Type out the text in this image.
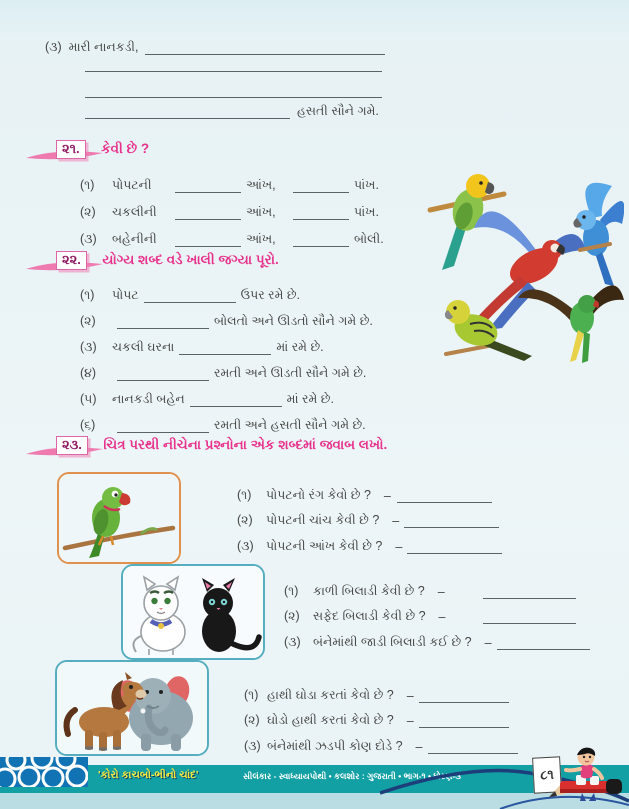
(૩) મારી નાનકડી,
હસતી સૌને ગમે.
૨૧. કેવી છે ?
(૧)	પોપટની	આંખ,	પાંખ.
(૨)	ચકલીની	આંખ,	પાંખ.
(૩)	બહેનીની	આંખ,	બોલી.
૨૨. યોગ્ય શબ્દ વડે ખાલી જગ્યા પૂરો.
(૧)	પોપટ	ઉપર રમે છે.
(૨)	બોલતો અને ઊડતો સૌને ગમે છે.
(૩)	ચકલી ઘરના	માં રમે છે.
(૪)	રમતી અને ઊડતી સૌને ગમે છે.
(૫)	નાનકડી બહેન	માં રમે છે.
(૬)	રમતી અને હસતી સૌને ગમે છે.
૨૩. ચિત્ર પરથી નીચેના પ્રશ્નોના એક શબ્દમાં જવાબ લખો.
(૧)	પોપટનો રંગ કેવો છે ? –
(૨)	પોપટની ચાંચ કેવી છે ? –
(૩) પોપટની આંખ કેવી છે ? –
(૧)	કાળી બિલાડી કેવી છે ? –
(૨)	સફેદ બિલાડી કેવી છે ? –
(૩) બંનેમાંથી જાડી બિલાડી કઈ છે ? –
(૧) હાથી ઘોડા કરતાં કેવો છે ? –
(૨) ઘોડો હાથી કરતાં કેવો છે ? –
(૩) બંનેમાંથી ઝડપી કોણ દોડે ? –
'કોરો કાચબો-ભીનો ચાંદ'	સીલંકાર - સ્વાધ્યાયપોથી • કલશોર : ગુજરાતી • ભાગ-૧ • ધોરણ-૩	૮૧
